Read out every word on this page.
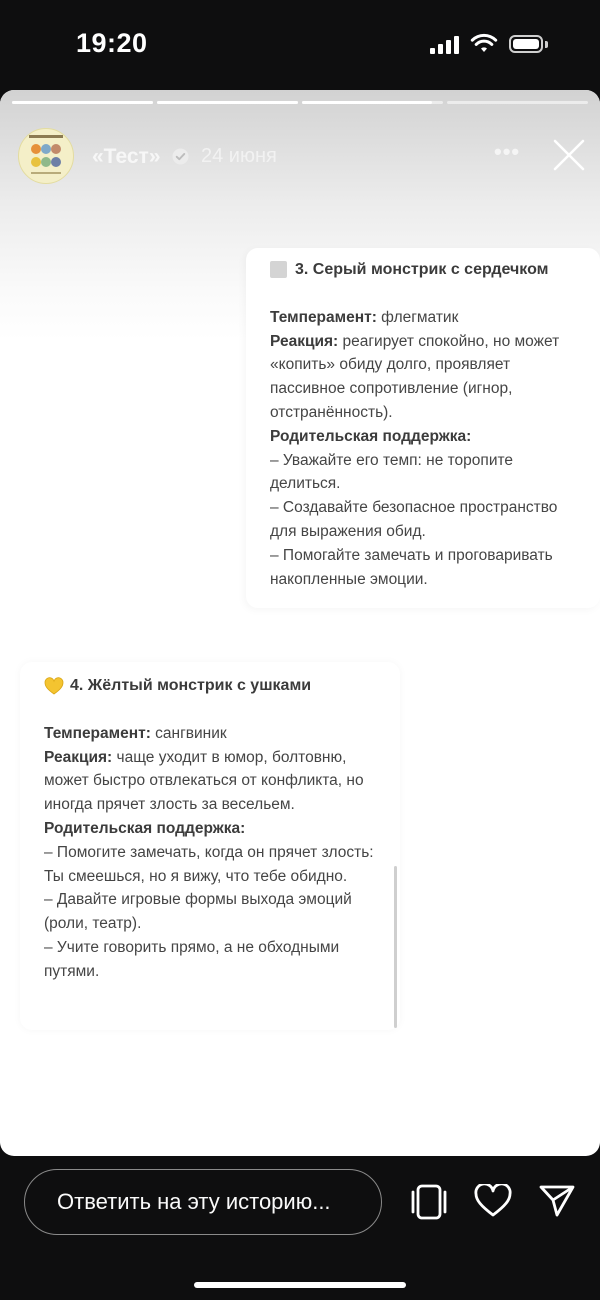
19:20
«Тест» 24 июня	•••
3. Серый монстрик с сердечком
Темперамент: флегматик
Реакция: реагирует спокойно, но может «копить» обиду долго, проявляет пассивное сопротивление (игнор, отстранённость).
Родительская поддержка:
– Уважайте его темп: не торопите делиться.
– Создавайте безопасное пространство для выражения обид.
– Помогайте замечать и проговаривать накопленные эмоции.
4. Жёлтый монстрик с ушками
Темперамент: сангвиник
Реакция: чаще уходит в юмор, болтовню, может быстро отвлекаться от конфликта, но иногда прячет злость за весельем.
Родительская поддержка:
– Помогите замечать, когда он прячет злость: Ты смеешься, но я вижу, что тебе обидно.
– Давайте игровые формы выхода эмоций (роли, театр).
– Учите говорить прямо, а не обходными путями.
Ответить на эту историю...
